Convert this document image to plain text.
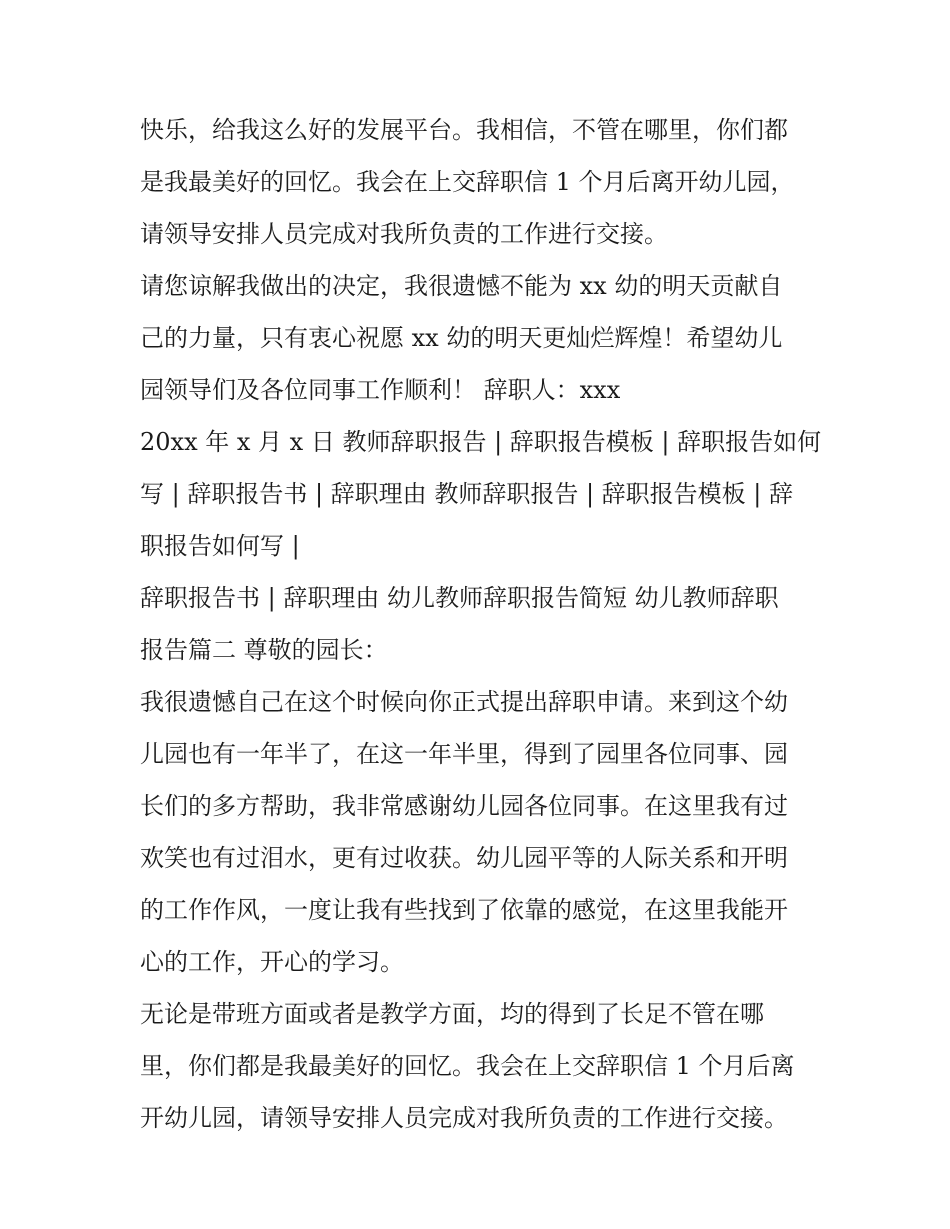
快乐，给我这么好的发展平台。我相信，不管在哪里，你们都
是我最美好的回忆。我会在上交辞职信 1 个月后离开幼儿园，
请领导安排人员完成对我所负责的工作进行交接。
请您谅解我做出的决定，我很遗憾不能为 xx 幼的明天贡献自
己的力量，只有衷心祝愿 xx 幼的明天更灿烂辉煌！希望幼儿
园领导们及各位同事工作顺利！ 辞职人：xxx
20xx 年 x 月 x 日 教师辞职报告 | 辞职报告模板 | 辞职报告如何
写 | 辞职报告书 | 辞职理由 教师辞职报告 | 辞职报告模板 | 辞
职报告如何写 |
辞职报告书 | 辞职理由 幼儿教师辞职报告简短 幼儿教师辞职
报告篇二 尊敬的园长：
我很遗憾自己在这个时候向你正式提出辞职申请。来到这个幼
儿园也有一年半了，在这一年半里，得到了园里各位同事、园
长们的多方帮助，我非常感谢幼儿园各位同事。在这里我有过
欢笑也有过泪水，更有过收获。幼儿园平等的人际关系和开明
的工作作风，一度让我有些找到了依靠的感觉，在这里我能开
心的工作，开心的学习。
无论是带班方面或者是教学方面，均的得到了长足不管在哪
里，你们都是我最美好的回忆。我会在上交辞职信 1 个月后离
开幼儿园，请领导安排人员完成对我所负责的工作进行交接。
